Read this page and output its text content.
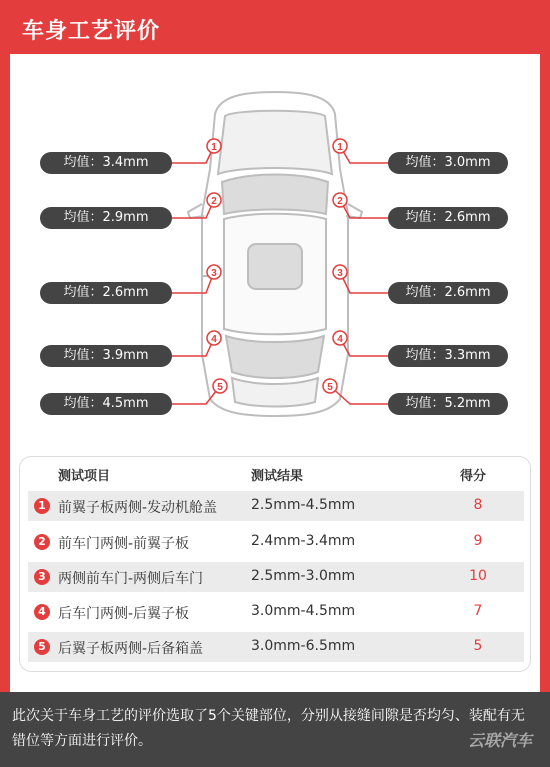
车身工艺评价
1
2
3
4
5
1
2
3
4
5
均值：3.4mm
均值：2.9mm
均值：2.6mm
均值：3.9mm
均值：4.5mm
均值：3.0mm
均值：2.6mm
均值：2.6mm
均值：3.3mm
均值：5.2mm
测试项目	测试结果	得分
1 前翼子板两侧-发动机舱盖 2.5mm-4.5mm	8
2 前车门两侧-前翼子板	2.4mm-3.4mm	9
3 两侧前车门-两侧后车门	2.5mm-3.0mm	10
4 后车门两侧-后翼子板	3.0mm-4.5mm	7
5 后翼子板两侧-后备箱盖	3.0mm-6.5mm	5
此次关于车身工艺的评价选取了5个关键部位，分别从接缝间隙是否均匀、装配有无错位等方面进行评价。	云联汽车
